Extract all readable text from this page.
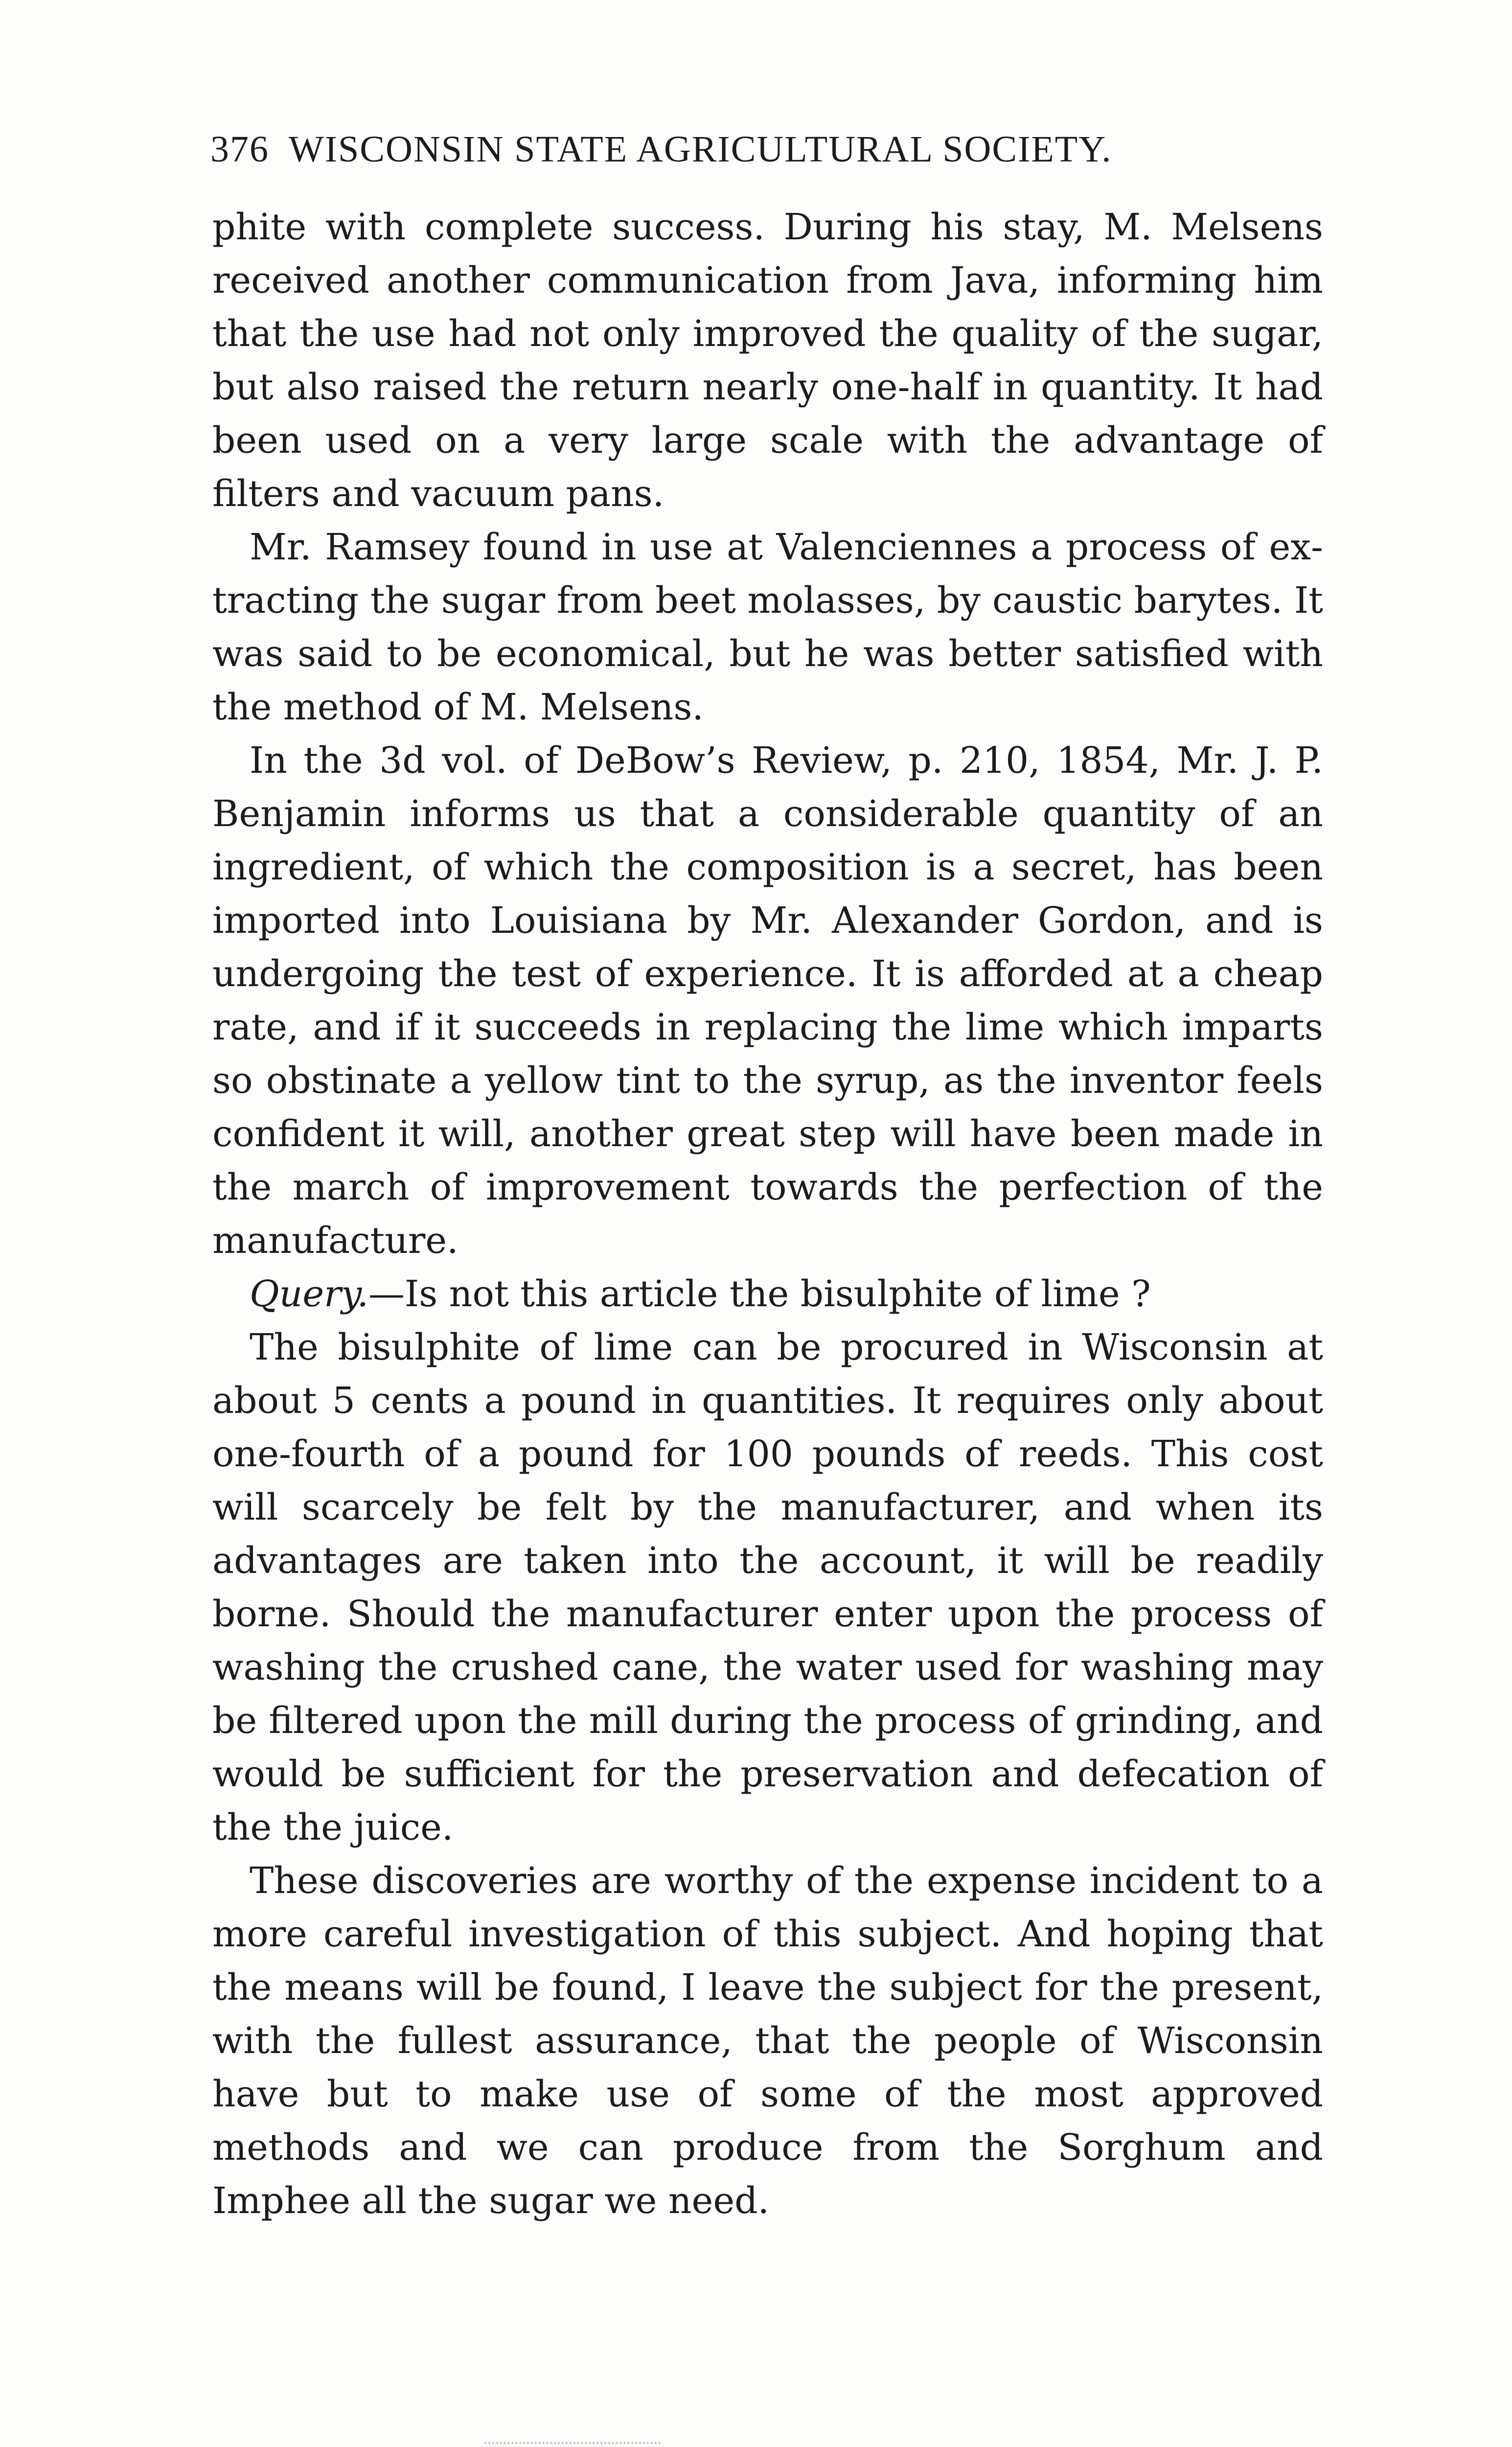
376 WISCONSIN STATE AGRICULTURAL SOCIETY.

phite with complete success. During his stay, M. Melsens received another communication from Java, informing him that the use had not only improved the quality of the sugar, but also raised the return nearly one-half in quantity. It had been used on a very large scale with the advantage of filters and vacuum pans.

Mr. Ramsey found in use at Valenciennes a process of extracting the sugar from beet molasses, by caustic barytes. It was said to be economical, but he was better satisfied with the method of M. Melsens.

In the 3d vol. of DeBow’s Review, p. 210, 1854, Mr. J. P. Benjamin informs us that a considerable quantity of an ingredient, of which the composition is a secret, has been imported into Louisiana by Mr. Alexander Gordon, and is undergoing the test of experience. It is afforded at a cheap rate, and if it succeeds in replacing the lime which imparts so obstinate a yellow tint to the syrup, as the inventor feels confident it will, another great step will have been made in the march of improvement towards the perfection of the manufacture.

Query.—Is not this article the bisulphite of lime ?

The bisulphite of lime can be procured in Wisconsin at about 5 cents a pound in quantities. It requires only about one-fourth of a pound for 100 pounds of reeds. This cost will scarcely be felt by the manufacturer, and when its advantages are taken into the account, it will be readily borne. Should the manufacturer enter upon the process of washing the crushed cane, the water used for washing may be filtered upon the mill during the process of grinding, and would be sufficient for the preservation and defecation of the the juice.

These discoveries are worthy of the expense incident to a more careful investigation of this subject. And hoping that the means will be found, I leave the subject for the present, with the fullest assurance, that the people of Wisconsin have but to make use of some of the most approved methods and we can produce from the Sorghum and Imphee all the sugar we need.
